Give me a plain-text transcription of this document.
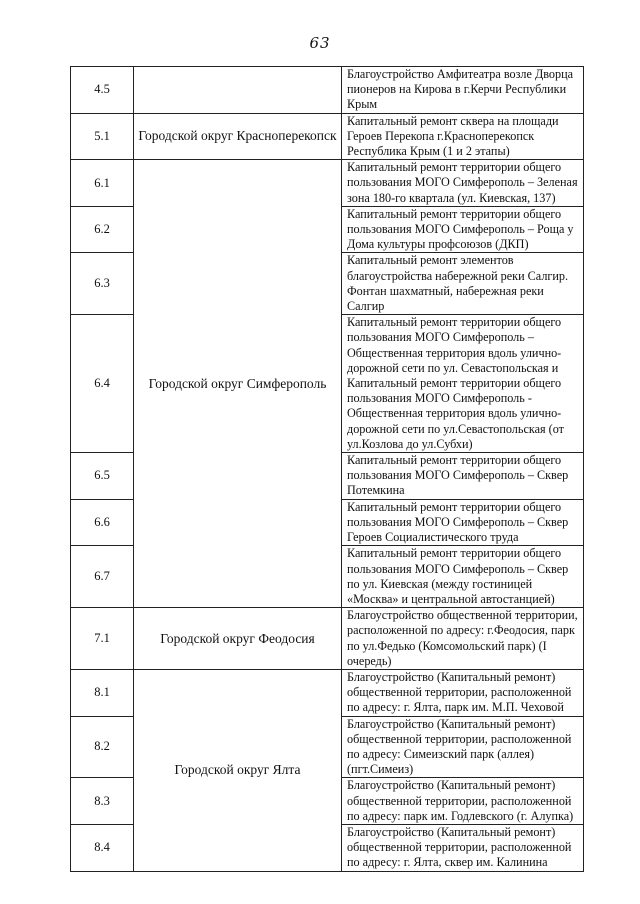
63
4.5		Благоустройство Амфитеатра возле Дворца пионеров на Кирова в г.Керчи Республики Крым
5.1	Городской округ Красноперекопск	Капитальный ремонт сквера на площади Героев Перекопа г.Красноперекопск Республика Крым (1 и 2 этапы)
6.1	Городской округ Симферополь	Капитальный ремонт территории общего пользования МОГО Симферополь – Зеленая зона 180-го квартала (ул. Киевская, 137)
6.2		Капитальный ремонт территории общего пользования МОГО Симферополь – Роща у Дома культуры профсоюзов (ДКП)
6.3		Капитальный ремонт элементов благоустройства набережной реки Салгир. Фонтан шахматный, набережная реки Салгир
6.4		Капитальный ремонт территории общего пользования МОГО Симферополь – Общественная территория вдоль улично-дорожной сети по ул. Севастопольская и Капитальный ремонт территории общего пользования МОГО Симферополь - Общественная территория вдоль улично-дорожной сети по ул.Севастопольская (от ул.Козлова до ул.Субхи)
6.5		Капитальный ремонт территории общего пользования МОГО Симферополь – Сквер Потемкина
6.6		Капитальный ремонт территории общего пользования МОГО Симферополь – Сквер Героев Социалистического труда
6.7		Капитальный ремонт территории общего пользования МОГО Симферополь – Сквер по ул. Киевская (между гостиницей «Москва» и центральной автостанцией)
7.1	Городской округ Феодосия	Благоустройство общественной территории, расположенной по адресу: г.Феодосия, парк по ул.Федько (Комсомольский парк) (I очередь)
8.1	Городской округ Ялта	Благоустройство (Капитальный ремонт) общественной территории, расположенной по адресу: г. Ялта, парк им. М.П. Чеховой
8.2		Благоустройство (Капитальный ремонт) общественной территории, расположенной по адресу: Симеизский парк (аллея) (пгт.Симеиз)
8.3		Благоустройство (Капитальный ремонт) общественной территории, расположенной по адресу: парк им. Годлевского (г. Алупка)
8.4		Благоустройство (Капитальный ремонт) общественной территории, расположенной по адресу: г. Ялта, сквер им. Калинина
